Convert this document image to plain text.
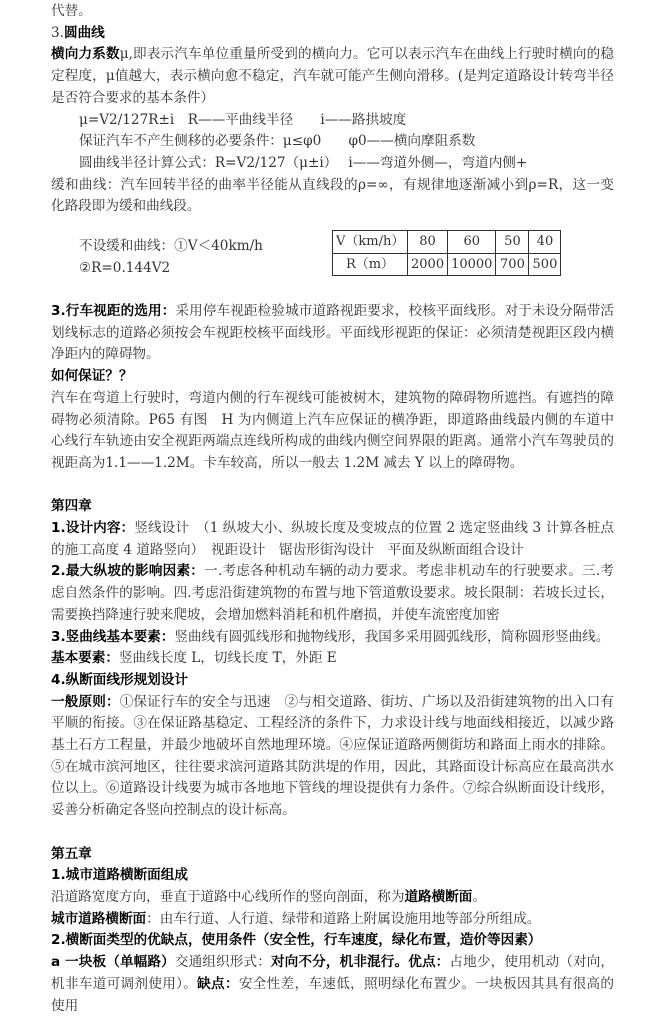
代替。

3.圆曲线

横向力系数μ,即表示汽车单位重量所受到的横向力。它可以表示汽车在曲线上行驶时横向的稳定程度，μ值越大，表示横向愈不稳定，汽车就可能产生侧向滑移。(是判定道路设计转弯半径是否符合要求的基本条件）

μ=V2/127R±i　R——平曲线半径　　i——路拱坡度

保证汽车不产生侧移的必要条件：μ≤φ0　　φ0——横向摩阻系数

圆曲线半径计算公式：R=V2/127（μ±i）　 i——弯道外侧—，弯道内侧+

缓和曲线：汽车回转半径的曲率半径能从直线段的ρ=∞，有规律地逐渐减小到ρ=R，这一变化路段即为缓和曲线段。

不设缓和曲线：①V＜40km/h
②R=0.144V2
V（km/h）	80	60	50	40
R（m）	2000	10000	700	500

3.行车视距的选用：采用停车视距检验城市道路视距要求，校核平面线形。对于未设分隔带活划线标志的道路必须按会车视距校核平面线形。平面线形视距的保证：必须清楚视距区段内横净距内的障碍物。

如何保证？？

汽车在弯道上行驶时，弯道内侧的行车视线可能被树木，建筑物的障碍物所遮挡。有遮挡的障碍物必须清除。P65 有图　H 为内侧道上汽车应保证的横净距，即道路曲线最内侧的车道中心线行车轨迹由安全视距两端点连线所构成的曲线内侧空间界限的距离。通常小汽车驾驶员的视距高为1.1——1.2M。卡车较高，所以一般去 1.2M 减去 Y 以上的障碍物。

第四章

1.设计内容：竖线设计　（1 纵坡大小、纵坡长度及变坡点的位置 2 选定竖曲线 3 计算各桩点的施工高度 4 道路竖向）　视距设计　锯齿形街沟设计　平面及纵断面组合设计

2.最大纵坡的影响因素：一.考虑各种机动车辆的动力要求。考虑非机动车的行驶要求。三.考虑自然条件的影响。四.考虑沿街建筑物的布置与地下管道敷设要求。坡长限制：若坡长过长，需要换挡降速行驶来爬坡，会增加燃料消耗和机件磨损，并使车流密度加密

3.竖曲线基本要素：竖曲线有圆弧线形和抛物线形，我国多采用圆弧线形，简称圆形竖曲线。

基本要素：竖曲线长度 L，切线长度 T，外距 E

4.纵断面线形规划设计

一般原则：①保证行车的安全与迅速　②与相交道路、街坊、广场以及沿街建筑物的出入口有平顺的衔接。③在保证路基稳定、工程经济的条件下，力求设计线与地面线相接近，以减少路基土石方工程量，并最少地破坏自然地理环境。④应保证道路两侧街坊和路面上雨水的排除。⑤在城市滨河地区，往往要求滨河道路其防洪堤的作用，因此，其路面设计标高应在最高洪水位以上。⑥道路设计线要为城市各地地下管线的埋设提供有力条件。⑦综合纵断面设计线形，妥善分析确定各竖向控制点的设计标高。

第五章

1.城市道路横断面组成

沿道路宽度方向，垂直于道路中心线所作的竖向剖面，称为道路横断面。

城市道路横断面：由车行道、人行道、绿带和道路上附属设施用地等部分所组成。

2.横断面类型的优缺点，使用条件（安全性，行车速度，绿化布置，造价等因素）

a 一块板（单幅路）交通组织形式：对向不分，机非混行。优点：占地少，使用机动（对向，机非车道可调剂使用）。缺点：安全性差，车速低，照明绿化布置少。一块板因其具有很高的使用
